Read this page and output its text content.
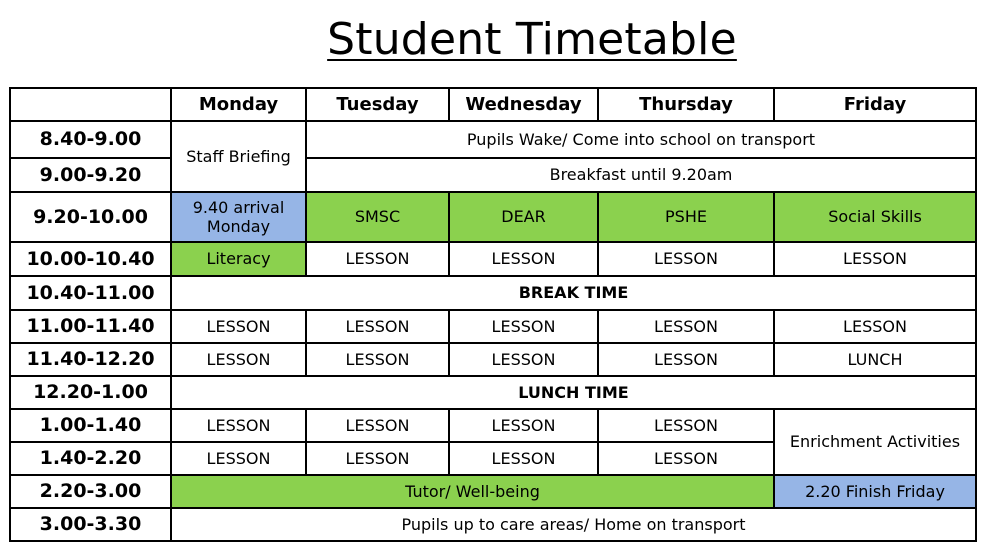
Student Timetable
	Monday	Tuesday	Wednesday	Thursday	Friday
8.40-9.00	Staff Briefing	Pupils Wake/ Come into school on transport			
9.00-9.20		Breakfast until 9.20am			
9.20-10.00	9.40 arrival Monday	SMSC	DEAR	PSHE	Social Skills
10.00-10.40	Literacy	LESSON	LESSON	LESSON	LESSON
10.40-11.00	BREAK TIME				
11.00-11.40	LESSON	LESSON	LESSON	LESSON	LESSON
11.40-12.20	LESSON	LESSON	LESSON	LESSON	LUNCH
12.20-1.00	LUNCH TIME				
1.00-1.40	LESSON	LESSON	LESSON	LESSON	Enrichment Activities
1.40-2.20	LESSON	LESSON	LESSON	LESSON	
2.20-3.00	Tutor/ Well-being				2.20 Finish Friday
3.00-3.30	Pupils up to care areas/ Home on transport				
